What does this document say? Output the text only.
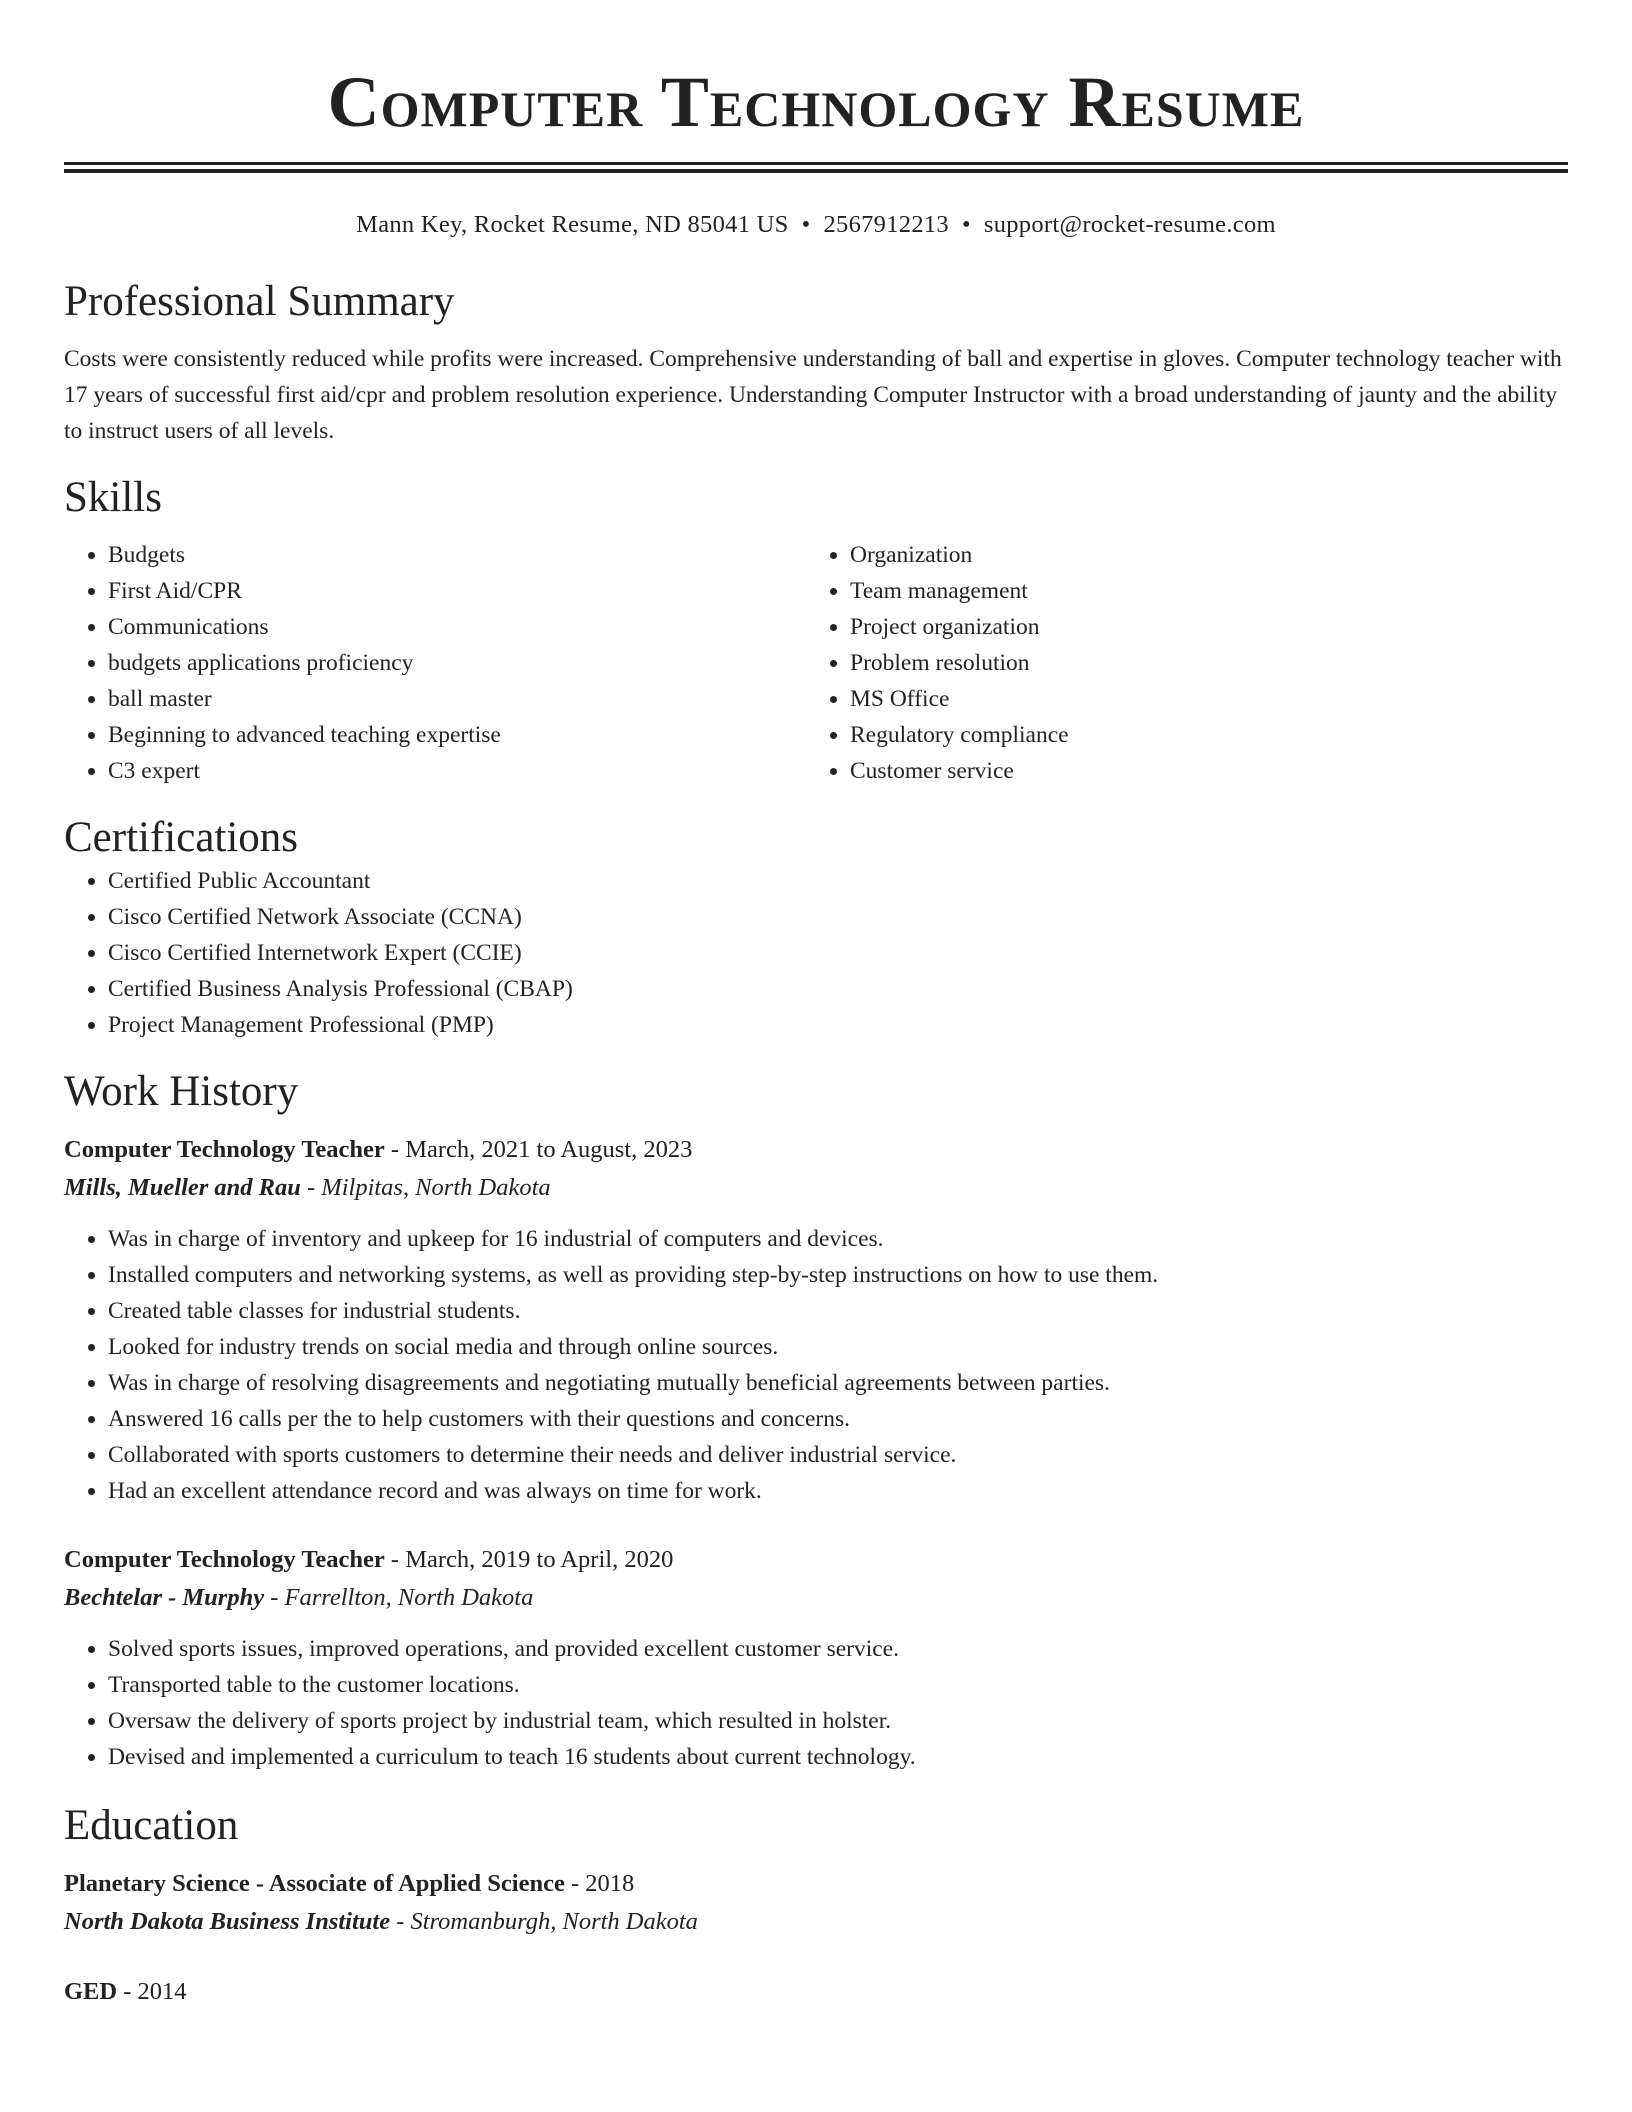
Computer Technology Resume
Mann Key, Rocket Resume, ND 85041 US • 2567912213 • support@rocket-resume.com
Professional Summary

Costs were consistently reduced while profits were increased. Comprehensive understanding of ball and expertise in gloves. Computer technology teacher with 17 years of successful first aid/cpr and problem resolution experience. Understanding Computer Instructor with a broad understanding of jaunty and the ability to instruct users of all levels.

Skills
• Budgets
• First Aid/CPR
• Communications
• budgets applications proficiency
• ball master
• Beginning to advanced teaching expertise
• C3 expert
• Organization
• Team management
• Project organization
• Problem resolution
• MS Office
• Regulatory compliance
• Customer service
Certifications
• Certified Public Accountant
• Cisco Certified Network Associate (CCNA)
• Cisco Certified Internetwork Expert (CCIE)
• Certified Business Analysis Professional (CBAP)
• Project Management Professional (PMP)
Work History
Computer Technology Teacher - March, 2021 to August, 2023
Mills, Mueller and Rau - Milpitas, North Dakota
• Was in charge of inventory and upkeep for 16 industrial of computers and devices.
• Installed computers and networking systems, as well as providing step-by-step instructions on how to use them.
• Created table classes for industrial students.
• Looked for industry trends on social media and through online sources.
• Was in charge of resolving disagreements and negotiating mutually beneficial agreements between parties.
• Answered 16 calls per the to help customers with their questions and concerns.
• Collaborated with sports customers to determine their needs and deliver industrial service.
• Had an excellent attendance record and was always on time for work.
Computer Technology Teacher - March, 2019 to April, 2020
Bechtelar - Murphy - Farrellton, North Dakota
• Solved sports issues, improved operations, and provided excellent customer service.
• Transported table to the customer locations.
• Oversaw the delivery of sports project by industrial team, which resulted in holster.
• Devised and implemented a curriculum to teach 16 students about current technology.
Education
Planetary Science - Associate of Applied Science - 2018
North Dakota Business Institute - Stromanburgh, North Dakota
GED - 2014
